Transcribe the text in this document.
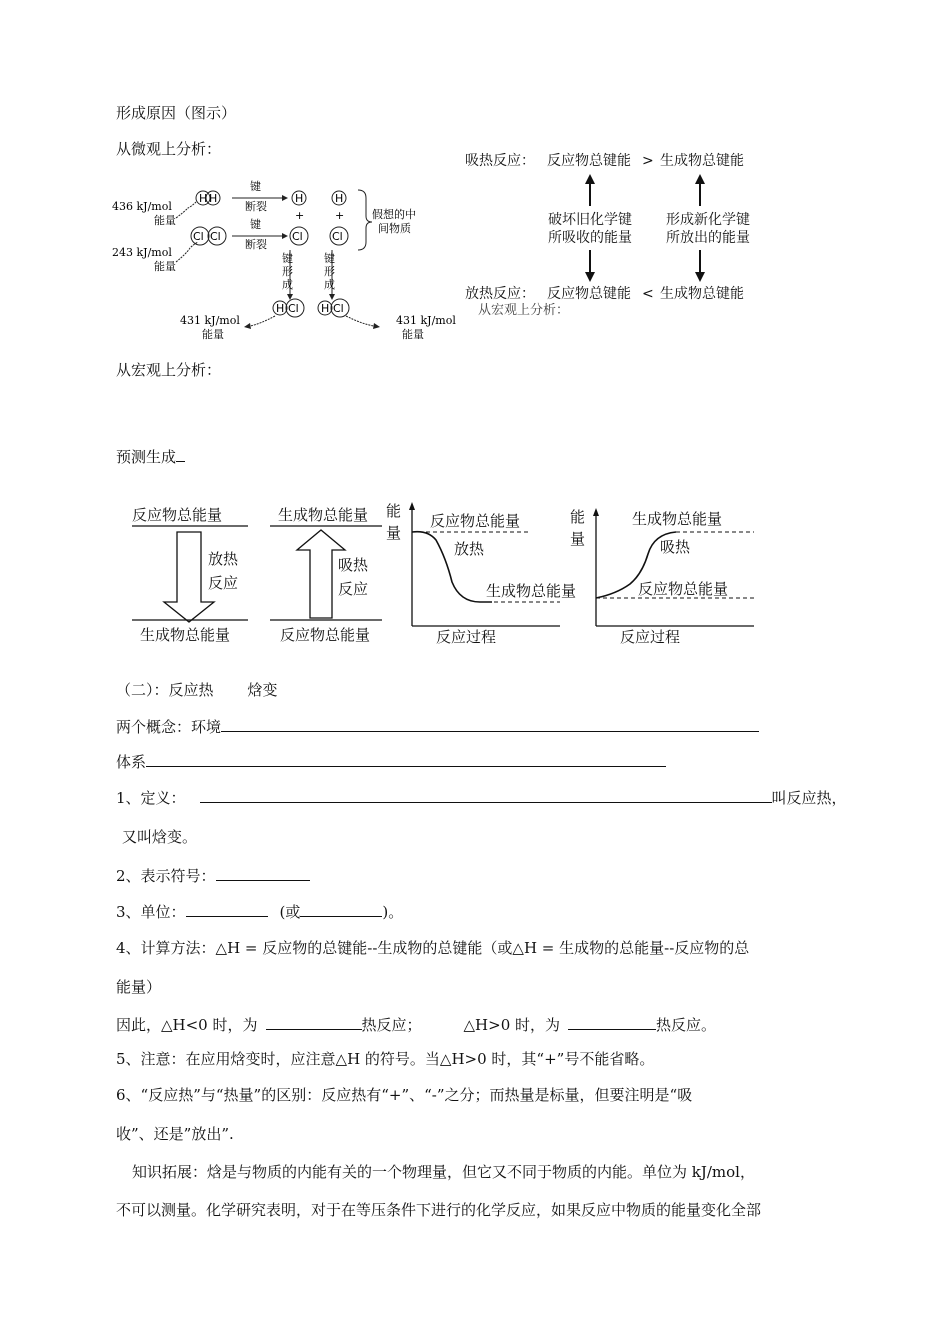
形成原因（图示）
从微观上分析：
H H
键
断裂
H	H
+	+	假想的中
间物质
Cl Cl
键
断裂
Cl	Cl
436 kJ/mol
能量
243 kJ/mol
能量
键
形
成
键
形
成
H Cl H Cl
431 kJ/mol
能量
431 kJ/mol
能量
吸热反应： 反应物总键能 > 生成物总键能
破坏旧化学键
所吸收的能量
形成新化学键
所放出的能量
放热反应： 反应物总键能 < 生成物总键能
从宏观上分析：
从宏观上分析：
预测生成
反应物总能量
放热
反应
生成物总能量
生成物总能量
吸热
反应
反应物总能量
能
量
反应物总能量
放热
生成物总能量
反应过程
能
量
生成物总能量
吸热
反应物总能量
反应过程
（二）：反应热 焓变
两个概念：环境
体系
1、定义：	叫反应热，
又叫焓变。
2、表示符号：
3、单位：	(或	)。
4、计算方法：△H = 反应物的总键能--生成物的总键能（或△H = 生成物的总能量--反应物的总
能量）
因此，△H<0 时，为	热反应；	△H>0 时，为	热反应。
5、注意：在应用焓变时，应注意△H 的符号。当△H>0 时，其“+”号不能省略。
6、“反应热”与“热量”的区别：反应热有“+”、“-”之分；而热量是标量，但要注明是“吸
收”、还是”放出”.
知识拓展：焓是与物质的内能有关的一个物理量，但它又不同于物质的内能。单位为 kJ/mol，
不可以测量。化学研究表明，对于在等压条件下进行的化学反应，如果反应中物质的能量变化全部
